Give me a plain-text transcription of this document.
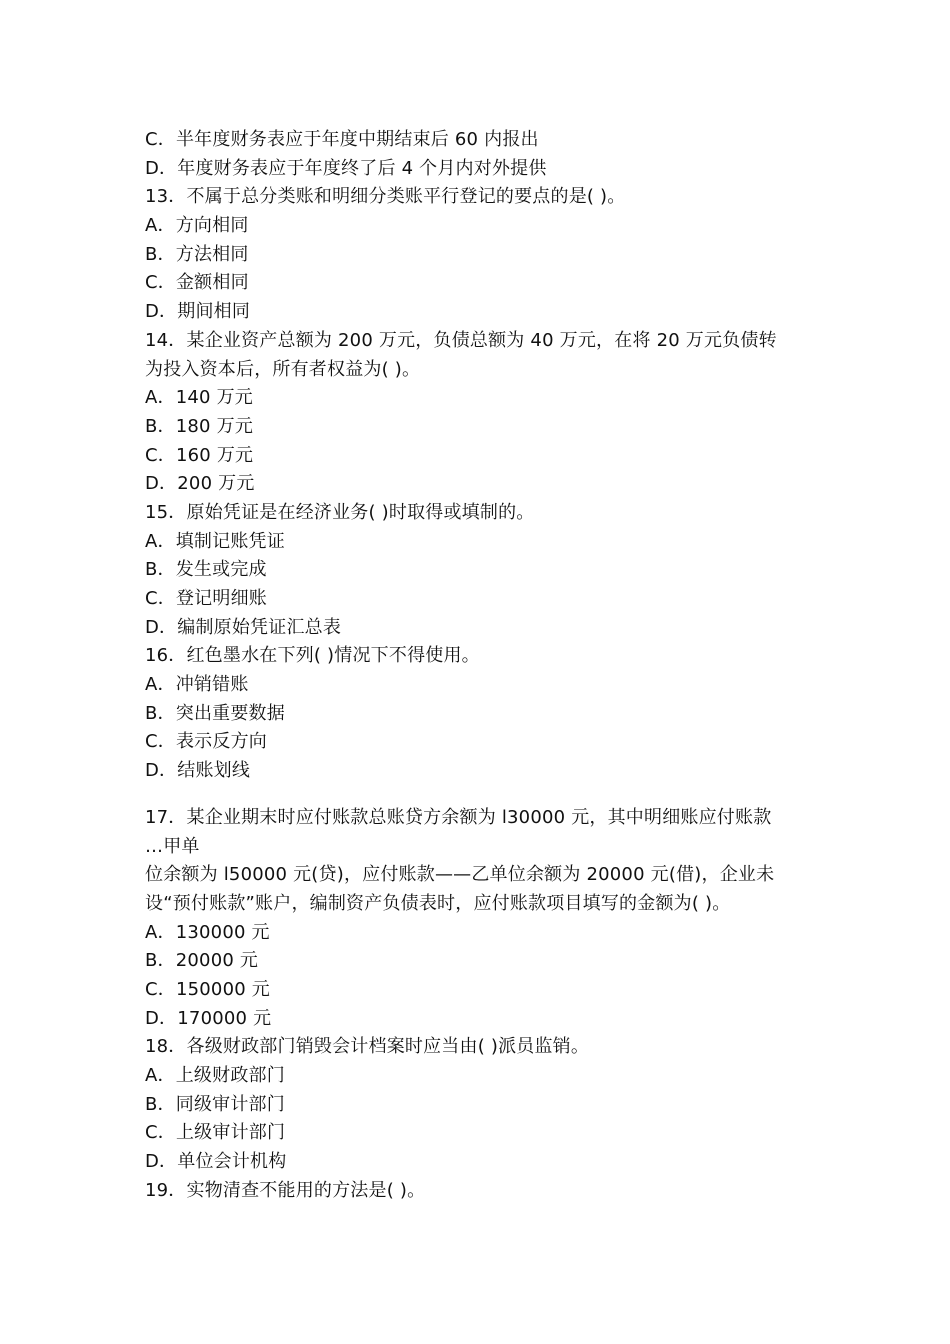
C．半年度财务表应于年度中期结束后 60 内报出
D．年度财务表应于年度终了后 4 个月内对外提供
13．不属于总分类账和明细分类账平行登记的要点的是( )。
A．方向相同
B．方法相同
C．金额相同
D．期间相同
14．某企业资产总额为 200 万元，负债总额为 40 万元，在将 20 万元负债转
为投入资本后，所有者权益为( )。
A．140 万元
B．180 万元
C．160 万元
D．200 万元
15．原始凭证是在经济业务( )时取得或填制的。
A．填制记账凭证
B．发生或完成
C．登记明细账
D．编制原始凭证汇总表
16．红色墨水在下列( )情况下不得使用。
A．冲销错账
B．突出重要数据
C．表示反方向
D．结账划线
17．某企业期末时应付账款总账贷方余额为 l30000 元，其中明细账应付账款
…甲单
位余额为 l50000 元(贷)，应付账款——乙单位余额为 20000 元(借)，企业未
设“预付账款”账户，编制资产负债表时，应付账款项目填写的金额为( )。
A．130000 元
B．20000 元
C．150000 元
D．170000 元
18．各级财政部门销毁会计档案时应当由( )派员监销。
A．上级财政部门
B．同级审计部门
C．上级审计部门
D．单位会计机构
19．实物清查不能用的方法是( )。
